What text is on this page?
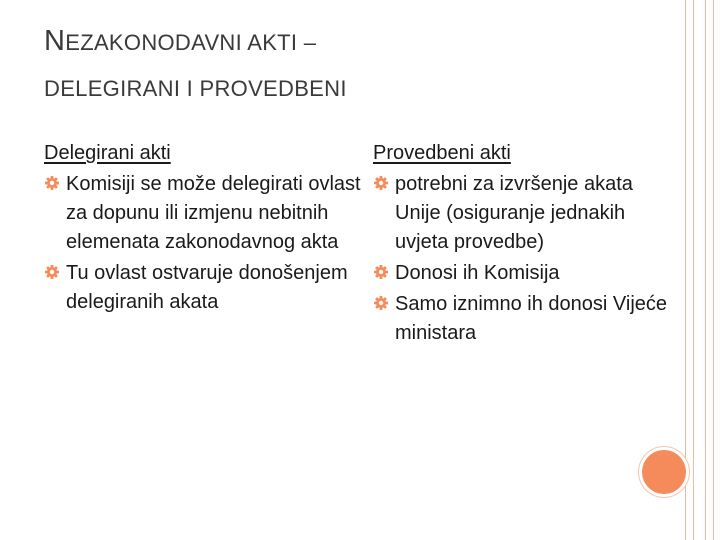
NEZAKONODAVNI AKTI –
DELEGIRANI I PROVEDBENI
Delegirani akti
Komisiji se može delegirati ovlast za dopunu ili izmjenu nebitnih elemenata zakonodavnog akta
Tu ovlast ostvaruje donošenjem delegiranih akata
Provedbeni akti
potrebni za izvršenje akata Unije (osiguranje jednakih uvjeta provedbe)
Donosi ih Komisija
Samo iznimno ih donosi Vijeće ministara
